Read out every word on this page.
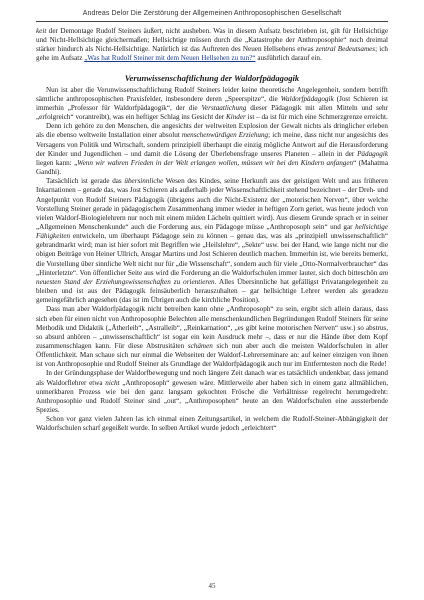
Andreas Delor Die Zerstörung der Allgemeinen Anthroposophischen Gesellschaft

keit der Demontage Rudolf Steiners äußert, nicht ausheben. Was in diesem Aufsatz beschrieben ist, gilt für Hellsichtige und Nicht-Hellsichtige gleichermaßen; Hellsichtige müssen durch die „Katastrophe der Anthroposophie“ noch dreimal stärker hindurch als Nicht-Hellsichtige. Natürlich ist das Auftreten des Neuen Hellsehens etwas zentral Bedeutsames; ich gehe im Aufsatz „Was hat Rudolf Steiner mit dem Neuen Hellsehen zu tun?“ ausführlich darauf ein.

Verunwissenschaftlichung der Waldorfpädagogik

Nun ist aber die Verunwissenschaftlichung Rudolf Steiners leider keine theoretische Angelegenheit, sondern betrifft sämtliche anthroposophischen Praxisfelder, insbesondere deren „Speerspitze“, die Waldorfpädagogik (Jost Schieren ist immerhin „Professor für Waldorfpädagogik“, der die Verstaatlichung dieser Pädagogik mit allen Mitteln und sehr „erfolgreich“ vorantreibt), was ein heftiger Schlag ins Gesicht der Kinder ist – da ist für mich eine Schmerzgrenze erreicht.

Denn ich gehöre zu den Menschen, die angesichts der weltweiten Explosion der Gewalt nichts als dringlicher erleben als die ebenso weltweite Installation einer absolut menschenwürdigen Erziehung; ich meine, dass nicht nur angesichts des Versagens von Politik und Wirtschaft, sondern prinzipiell überhaupt die einzig mögliche Antwort auf die Herausforderung der Kinder und Jugendlichen – und damit die Lösung der Überlebensfrage unseres Planeten – allein in der Pädagogik liegen kann: „Wenn wir wahren Frieden in der Welt erlangen wollen, müssen wir bei den Kindern anfangen“ (Mahatma Gandhi).

Tatsächlich ist gerade das übersinnliche Wesen des Kindes, seine Herkunft aus der geistigen Welt und aus früheren Inkarnationen – gerade das, was Jost Schieren als außerhalb jeder Wissenschaftlichkeit stehend bezeichnet – der Dreh- und Angelpunkt von Rudolf Steiners Pädagogik (übrigens auch die Nicht-Existenz der „motorischen Nerven“, über welche Vorstellung Steiner gerade in pädagogischem Zusammenhang immer wieder in heftigen Zorn geriet, was heute jedoch von vielen Waldorf-Biologielehrern nur noch mit einem müden Lächeln quittiert wird). Aus diesem Grunde sprach er in seiner „Allgemeinen Menschenkunde“ auch die Forderung aus, ein Pädagoge müsse „Anthroposoph sein“ und gar hellsichtige Fähigkeiten entwickeln, um überhaupt Pädagoge sein zu können – genau das, was als „prinzipiell unwissenschaftlich“ gebrandmarkt wird; man ist hier sofort mit Begriffen wie „Heilslehre“, „Sekte“ usw. bei der Hand, wie lange nicht nur die obigen Beiträge von Heiner Ullrich, Ansgar Martins und Jost Schieren deutlich machen. Immerhin ist, wie bereits bemerkt, die Vorstellung über sinnliche Welt nicht nur für „die Wissenschaft“, sondern auch für viele „Otto-Normalverbraucher“ das „Hinterletzte“. Von öffentlicher Seite aus wird die Forderung an die Waldorfschulen immer lauter, sich doch bitteschön am neuesten Stand der Erziehungswissenschaften zu orientieren. Alles Übersinnliche hat gefälligst Privatangelegenheit zu bleiben und ist aus der Pädagogik feinsäuberlich herauszuhalten – gar hellsichtige Lehrer werden als geradezu gemeingefährlich angesehen (das ist im Übrigen auch die kirchliche Position).

Dass man aber Waldorfpädagogik nicht betreiben kann ohne „Anthroposoph“ zu sein, ergibt sich allein daraus, dass sich eben für einen nicht von Anthroposophie Belechten alle menschenkundlichen Begründungen Rudolf Steiners für seine Methodik und Didaktik („Ätherleib“, „Astralleib“, „Reinkarnation“, „es gibt keine motorischen Nerven“ usw.) so abstrus, so absurd anhören – „unwissenschaftlich“ ist sogar ein kein Ausdruck mehr –, dass er nur die Hände über dem Kopf zusammenschlagen kann. Für diese Abstrusitäten schämen sich nun aber auch die meisten Waldorfschulen in aller Öffentlichkeit. Man schaue sich nur einmal die Webseiten der Waldorf-Lehrerseminare an: auf keiner einzigen von ihnen ist von Anthroposophie und Rudolf Steiner als Grundlage der Waldorfpädagogik auch nur im Entferntesten noch die Rede!

In der Gründungsphase der Waldorfbewegung und noch längere Zeit danach war es tatsächlich undenkbar, dass jemand als Waldorflehrer etwa nicht „Anthroposoph“ gewesen wäre. Mittlerweile aber haben sich in einem ganz allmählichen, unmerkbaren Prozess wie bei den ganz langsam gekochten Frösche die Verhältnisse regelrecht herumgedreht: Anthroposophie und Rudolf Steiner sind „out“, „Anthroposophen“ heute an den Waldorfschulen eine aussterbende Spezies.

Schon vor ganz vielen Jahren las ich einmal einen Zeitungsartikel, in welchem die Rudolf-Steiner-Abhängigkeit der Waldorfschulen scharf gegeißelt wurde. In selben Artikel wurde jedoch „erleichtert“

45
